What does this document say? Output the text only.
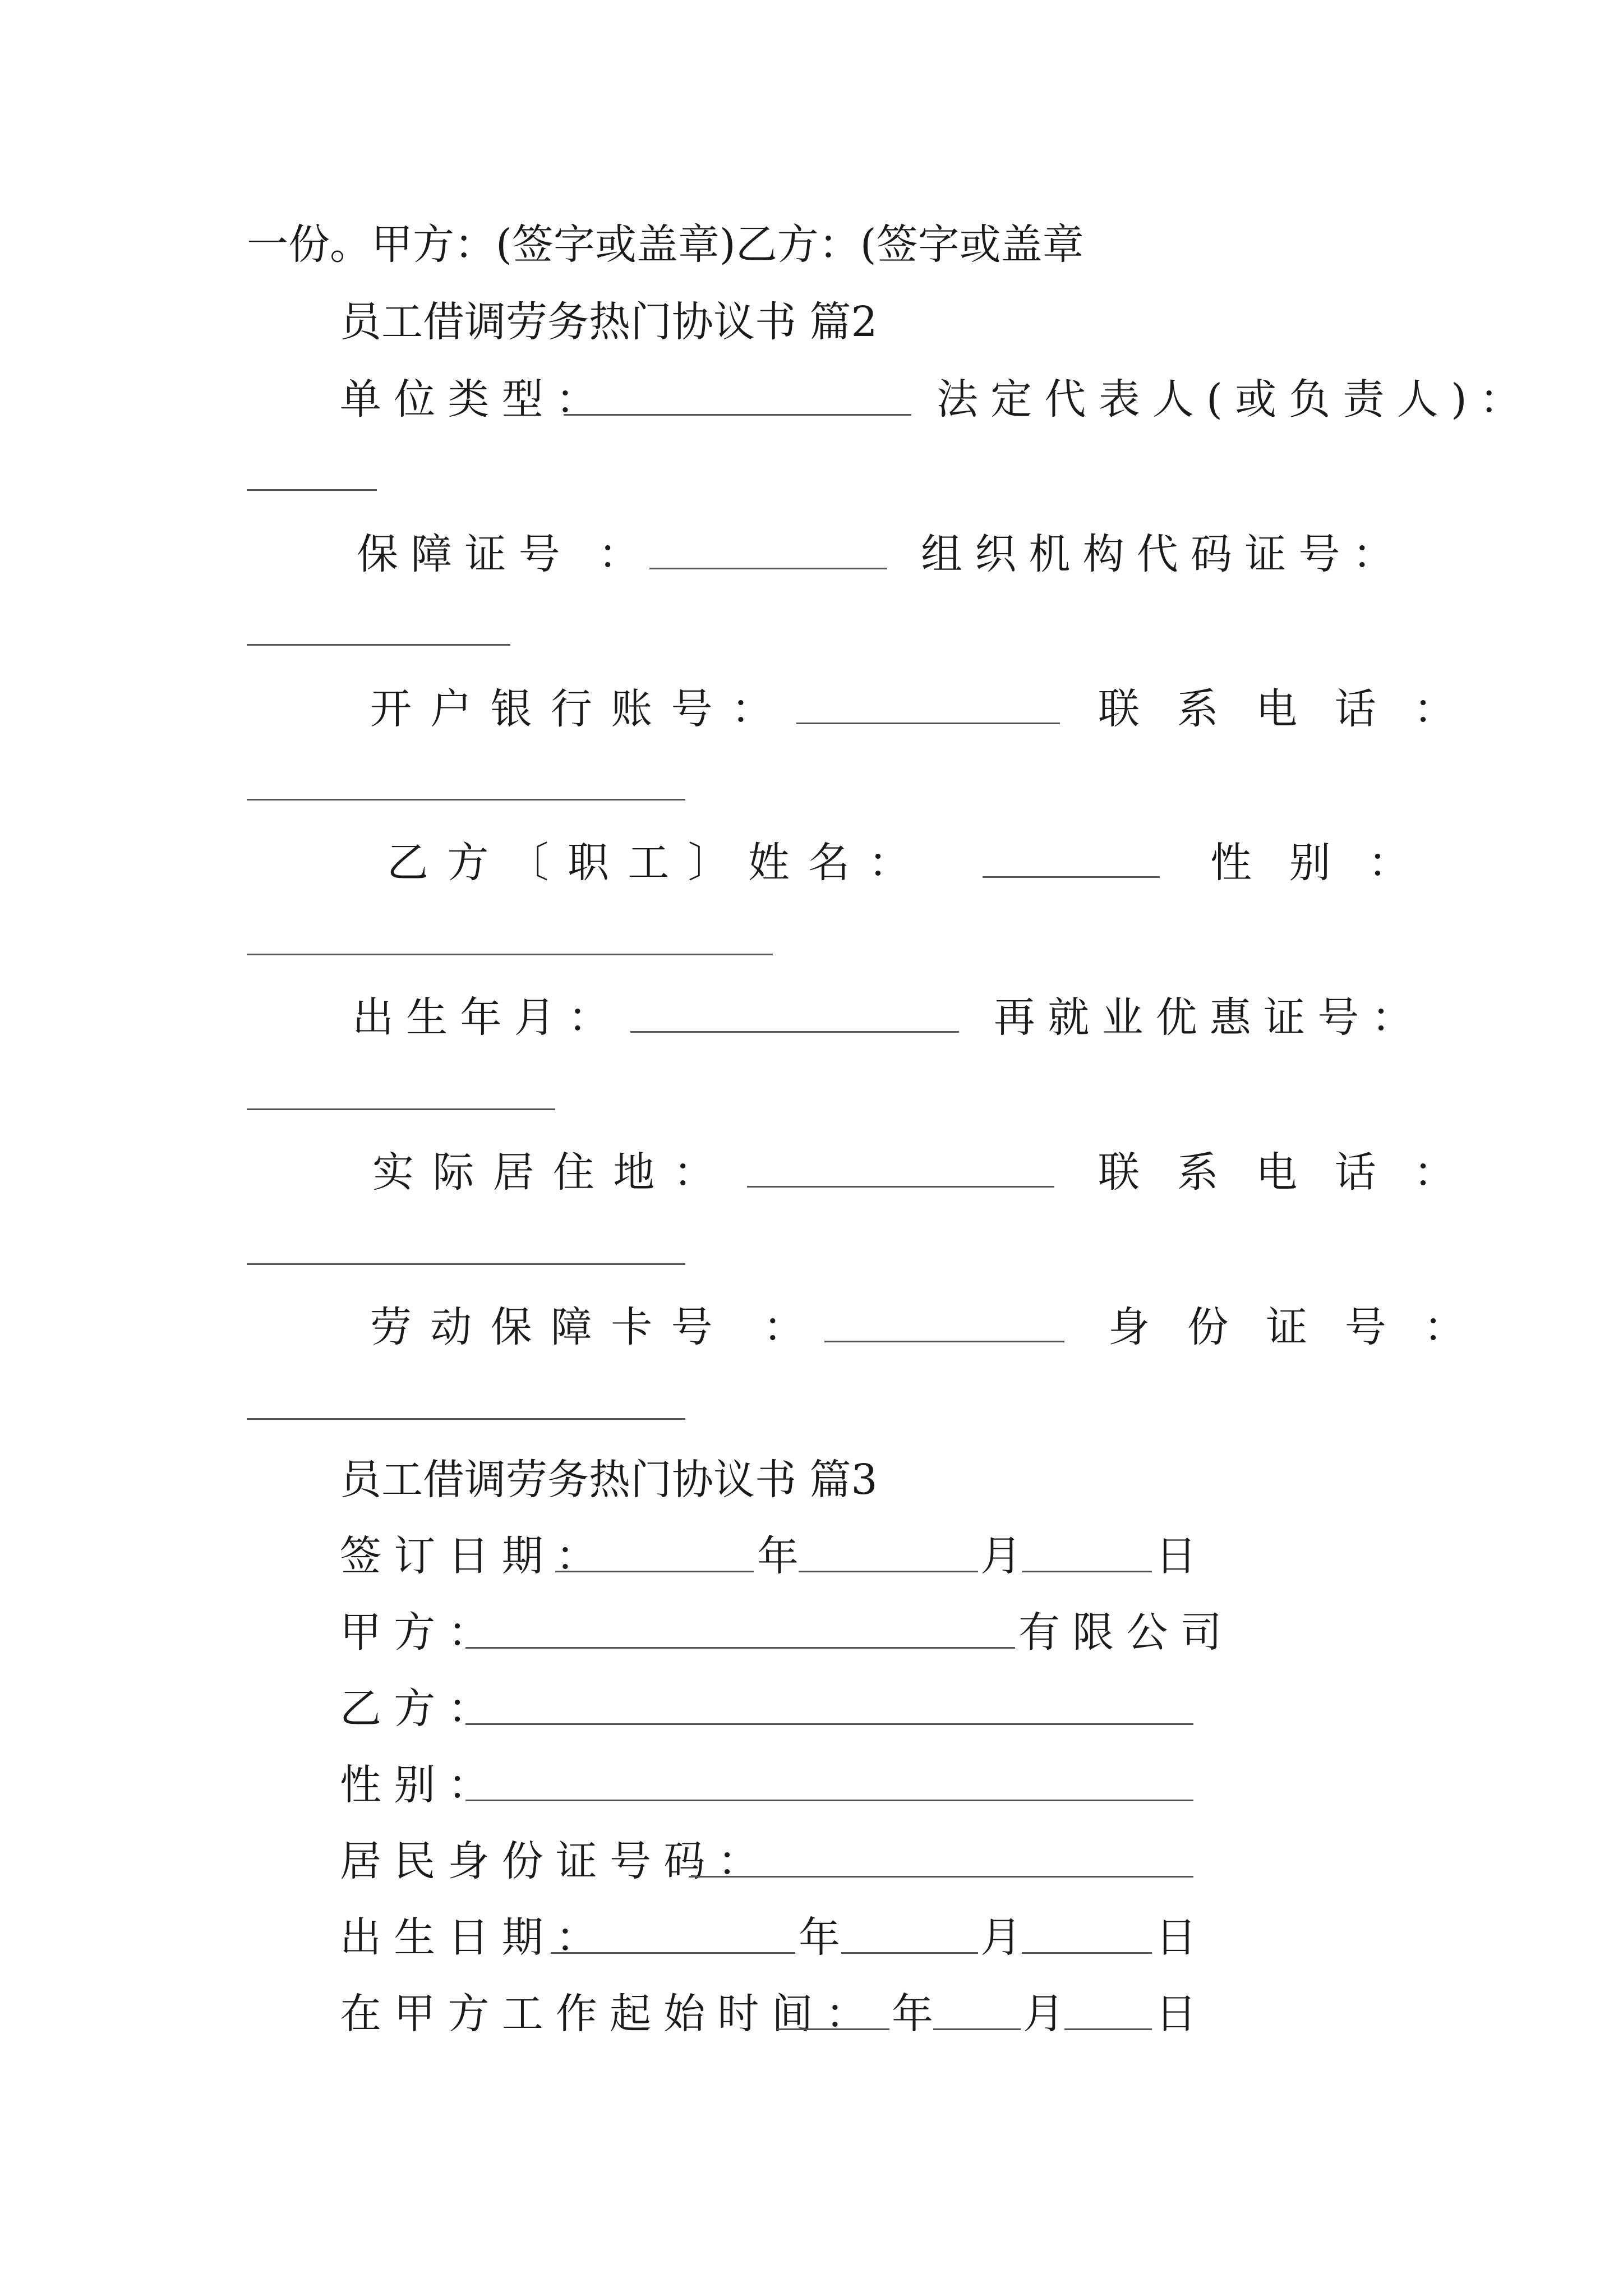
一份。甲方：(签字或盖章)乙方：(签字或盖章
员工借调劳务热门协议书 篇2
单位类型：	法定代表人(或负责人)：
保障证号 ：	组织机构代码证号：
开户银行账号：	联系电话：
乙方〔职工〕姓名：	性别：
出生年月：	再就业优惠证号：
实际居住地：	联系电话：
劳动保障卡号 ：	身份证号：
员工借调劳务热门协议书 篇3
签订日期：	年	月	日
甲方：	有限公司
乙方：
性别：
居民身份证号码：
出生日期：	年	月	日
在甲方工作起始时间： 年 月 日
